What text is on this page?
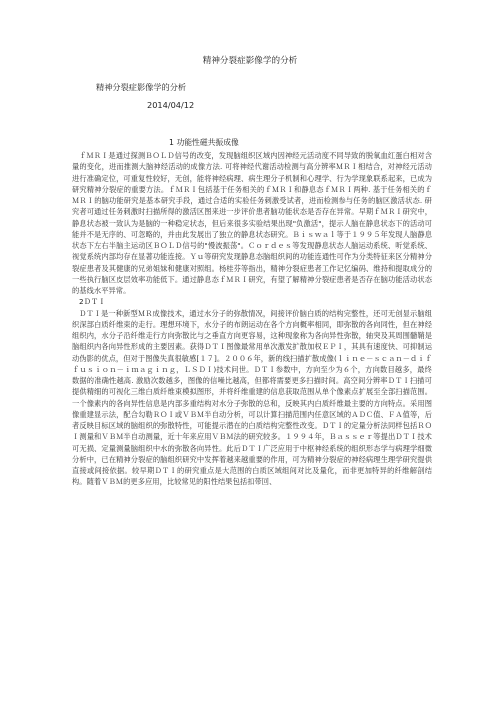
精神分裂症影像学的分析
精神分裂症影像学的分析
2014/04/12
1 功能性磁共振成像

ｆＭＲＩ是通过探测ＢＯＬＤ信号的改变，发现脑组织区域内因神经元活动度不同导致的脱氧血红蛋白相对含量的变化，进而推测大脑神经活动的成像方法. 可将神经代谢活动检测与高分辨率ＭＲＩ相结合，对神经元活动进行准确定位，可重复性较好，无创，能将神经病理、病生理分子机制和心理学、行为学现象联系起来，已成为研究精神分裂症的重要方法。ｆＭＲＩ包括基于任务相关的ｆＭＲＩ和静息态ｆＭＲＩ两种. 基于任务相关的ｆＭＲＩ的脑功能研究是基本研究手段，通过合适的实验任务刺激受试者，进而检测参与任务的脑区激活状态. 研究者可通过任务刺激时扫描所得的激活区图来进一步评价患者脑功能状态是否存在异常。早期ｆＭＲＩ研究中，静息状态被一致认为是脑的一种稳定状态，但后来很多实验结果出现"负激活"，提示人脑在静息状态下的活动可能并不是无序的、可忽略的，并由此发展出了独立的静息状态研究。Ｂｉｓｗａｌ等于１９９５年发现人脑静息状态下左右半脑主运动区ＢＯＬＤ信号的"慢波振荡"。Ｃｏｒｄｅｓ等发现静息状态人脑运动系统、听觉系统、视觉系统内部均存在显著功能连接。Ｙｕ等研究发现静息态脑组织间的功能连通性可作为分类特征来区分精神分裂症患者及其健康的兄弟姐妹和健康对照组。杨桂芬等指出，精神分裂症患者工作记忆编码、维持和提取成分的一些执行脑区皮层效率功能低下。通过静息态ｆＭＲＩ研究，有望了解精神分裂症患者是否存在脑功能活动状态的基线水平异常。

2ＤＴＩ

ＤＴＩ是一种新型ＭＲ成像技术，通过水分子的弥散情况，间接评价脑白质的结构完整性，还可无创显示脑组织深部白质纤维束的走行。理想环境下，水分子的布朗运动在各个方向概率相同，即弥散的各向同性，但在神经组织内，水分子沿纤维走行方向弥散比与之垂直方向更容易，这种现象称为各向异性弥散，轴突及其周围髓鞘是脑组织内各向异性形成的主要因素。获得ＤＴＩ图像最常用单次激发扩散加权ＥＰＩ，其具有速度快、可抑制运动伪影的优点，但对于图像失真很敏感[１７]。２００６年，新的线扫描扩散成像(ｌｉｎｅ－ｓｃａｎ－ｄｉｆｆｕｓｉｏｎ－ｉｍａｇｉｎｇ，ＬＳＤＩ)技术问世。ＤＴＩ参数中，方向至少为６个，方向数目越多，最终数据的准确性越高. 激励次数越多，图像的信噪比越高，但都将需要更多扫描时间。高空间分辨率ＤＴＩ扫描可提供精细的可视化三维白质纤维束模拟图形，并将纤维重建的信息获取范围从单个像素点扩展至全部扫描范围。一个像素内的各向异性信息是内部多重结构对水分子弥散的总和，反映其内白质纤维最主要的方向特点。采用图像重建显示法，配合勾勒ＲＯＩ或ＶＢＭ半自动分析，可以计算扫描范围内任意区域的ＡＤＣ值、ＦＡ值等，后者反映目标区域的脑组织的弥散特性，可能提示潜在的白质结构完整性改变。ＤＴＩ的定量分析法同样包括ＲＯＩ测量和ＶＢＭ半自动测量，近十年来应用ＶＢＭ法的研究较多。１９９４年，Ｂａｓｓｅｒ等提出ＤＴＩ技术可无损、定量测量脑组织中水的弥散各向异性。此后ＤＴＩ广泛应用于中枢神经系统的组织形态学与病理学细微分析中，已在精神分裂症的脑组织研究中发挥着越来越重要的作用，可为精神分裂症的神经病理生理学研究提供直接或间接依据。较早期ＤＴＩ的研究重点是大范围的白质区域组间对比及量化，而非更加特异的纤维解剖结构。随着ＶＢＭ的更多应用，比较常见的阳性结果包括扣带回、
